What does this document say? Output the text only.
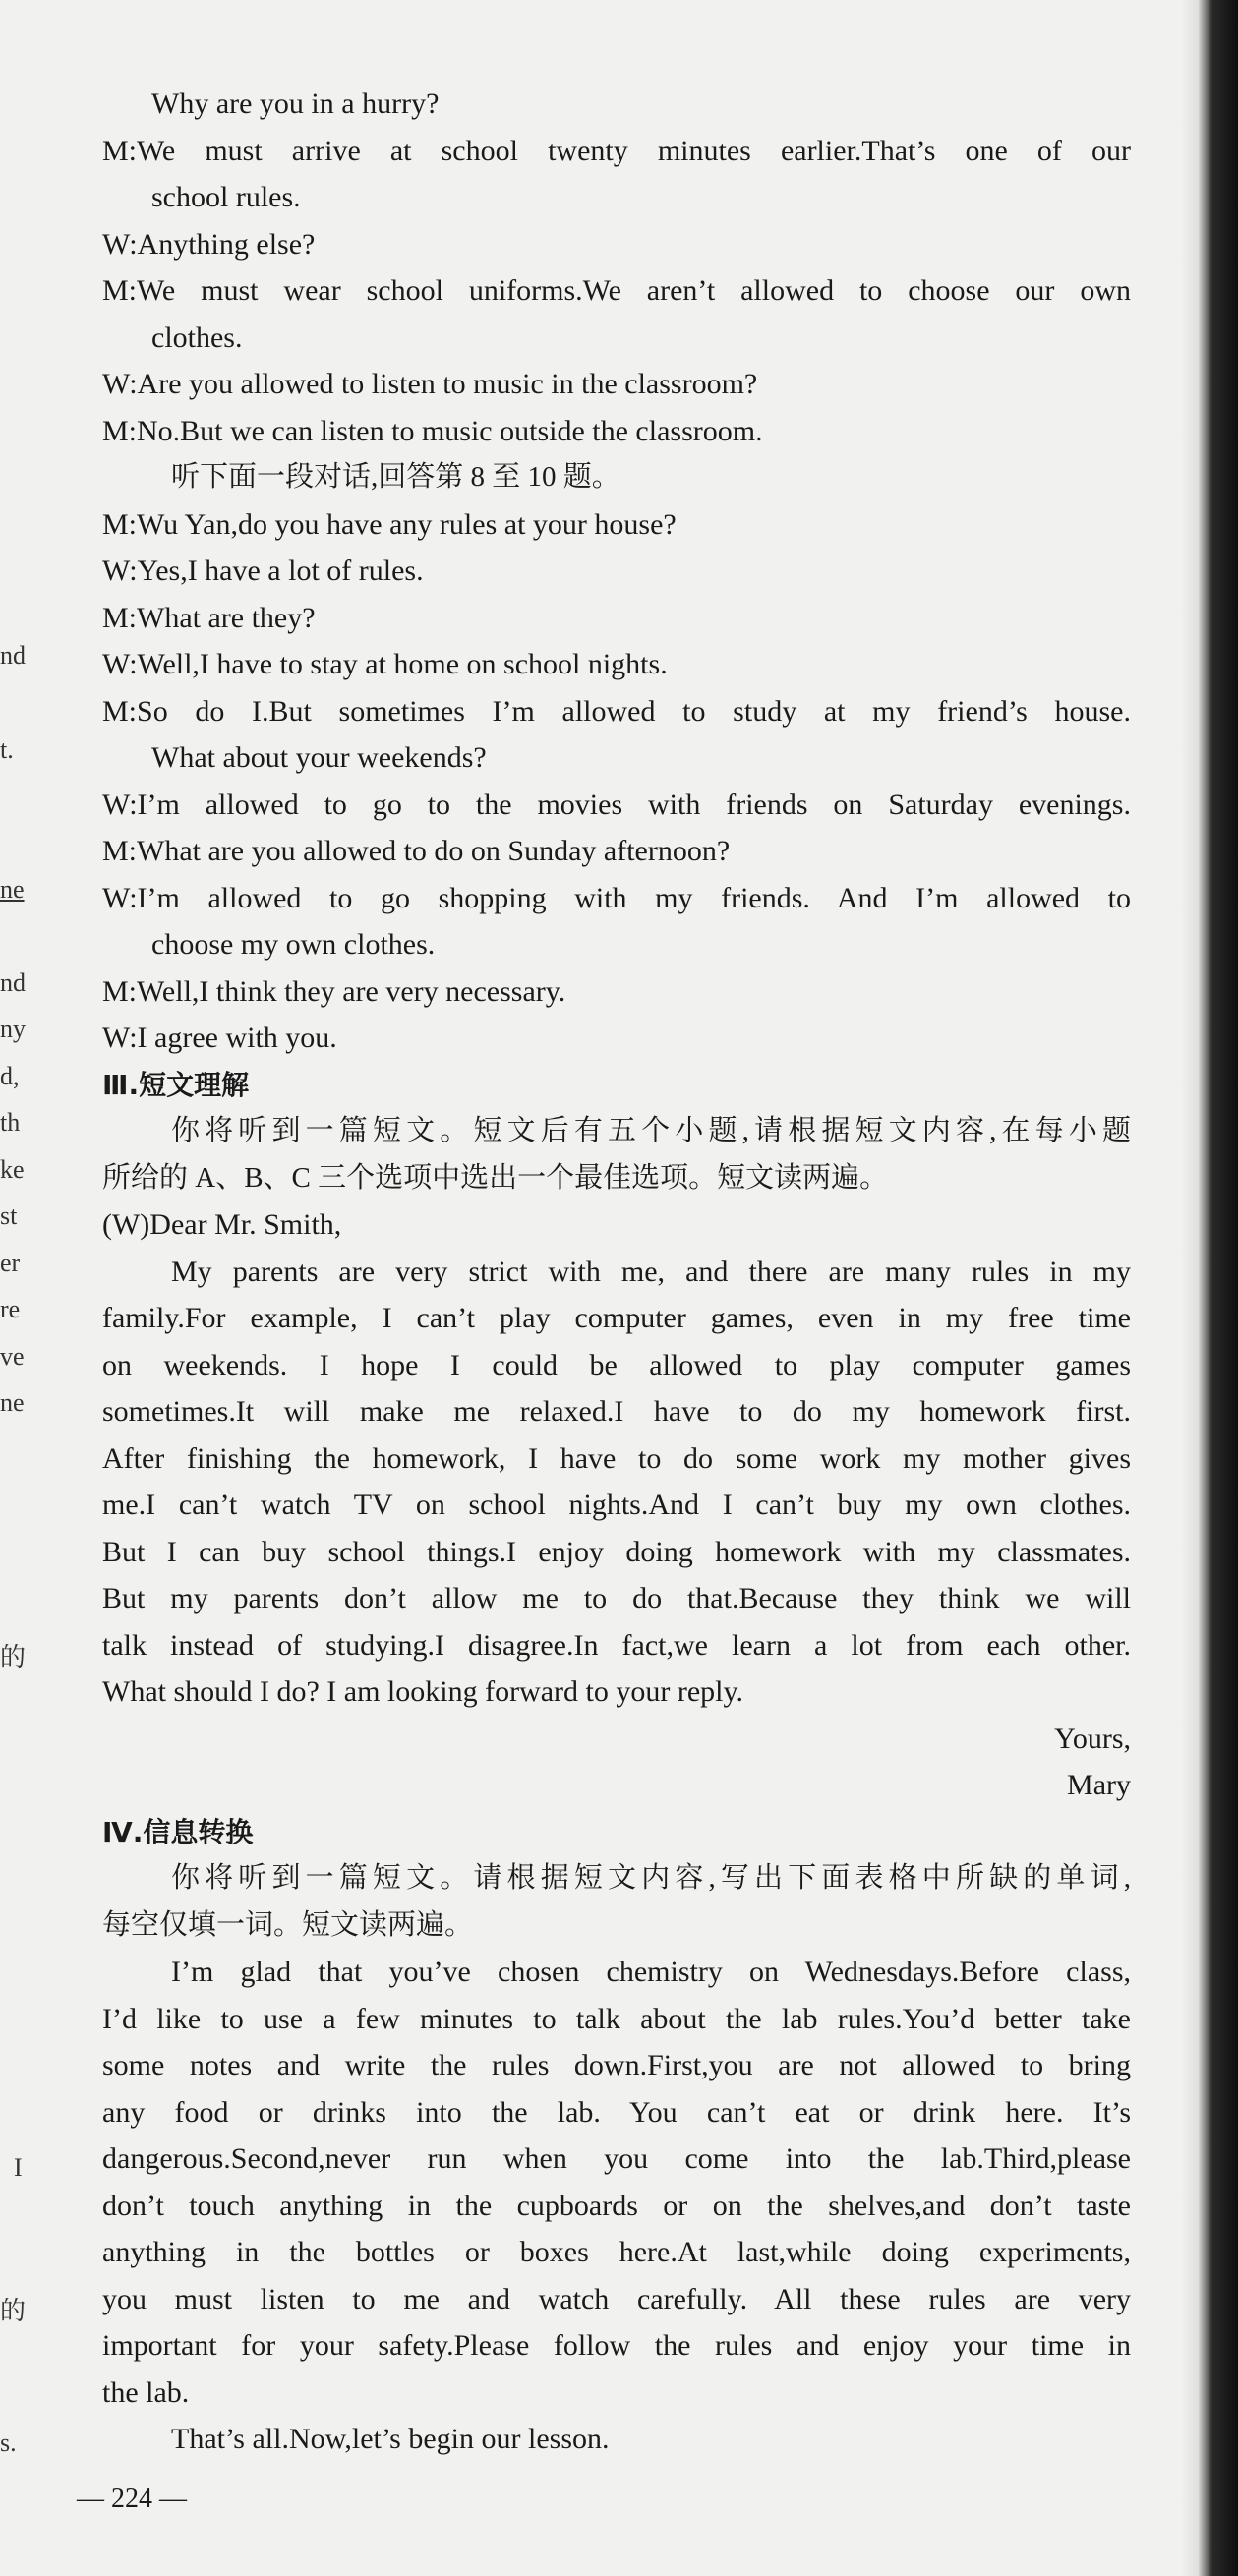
nd
t.
ne
nd
ny
d,
th
ke
st
er
re
ve
ne
的
I
的
s.
Why are you in a hurry?
M:We must arrive at school twenty minutes earlier.That’s one of our
school rules.
W:Anything else?
M:We must wear school uniforms.We aren’t allowed to choose our own
clothes.
W:Are you allowed to listen to music in the classroom?
M:No.But we can listen to music outside the classroom.
听下面一段对话,回答第 8 至 10 题。
M:Wu Yan,do you have any rules at your house?
W:Yes,I have a lot of rules.
M:What are they?
W:Well,I have to stay at home on school nights.
M:So do I.But sometimes I’m allowed to study at my friend’s house.
What about your weekends?
W:I’m allowed to go to the movies with friends on Saturday evenings.
M:What are you allowed to do on Sunday afternoon?
W:I’m allowed to go shopping with my friends. And I’m allowed to
choose my own clothes.
M:Well,I think they are very necessary.
W:I agree with you.
Ⅲ.短文理解
你将听到一篇短文。短文后有五个小题,请根据短文内容,在每小题
所给的 A、B、C 三个选项中选出一个最佳选项。短文读两遍。
(W)Dear Mr. Smith,
My parents are very strict with me, and there are many rules in my
family.For example, I can’t play computer games, even in my free time
on weekends. I hope I could be allowed to play computer games
sometimes.It will make me relaxed.I have to do my homework first.
After finishing the homework, I have to do some work my mother gives
me.I can’t watch TV on school nights.And I can’t buy my own clothes.
But I can buy school things.I enjoy doing homework with my classmates.
But my parents don’t allow me to do that.Because they think we will
talk instead of studying.I disagree.In fact,we learn a lot from each other.
What should I do? I am looking forward to your reply.
Yours,
Mary
Ⅳ.信息转换
你将听到一篇短文。请根据短文内容,写出下面表格中所缺的单词,
每空仅填一词。短文读两遍。
I’m glad that you’ve chosen chemistry on Wednesdays.Before class,
I’d like to use a few minutes to talk about the lab rules.You’d better take
some notes and write the rules down.First,you are not allowed to bring
any food or drinks into the lab. You can’t eat or drink here. It’s
dangerous.Second,never run when you come into the lab.Third,please
don’t touch anything in the cupboards or on the shelves,and don’t taste
anything in the bottles or boxes here.At last,while doing experiments,
you must listen to me and watch carefully. All these rules are very
important for your safety.Please follow the rules and enjoy your time in
the lab.
That’s all.Now,let’s begin our lesson.
— 224 —
